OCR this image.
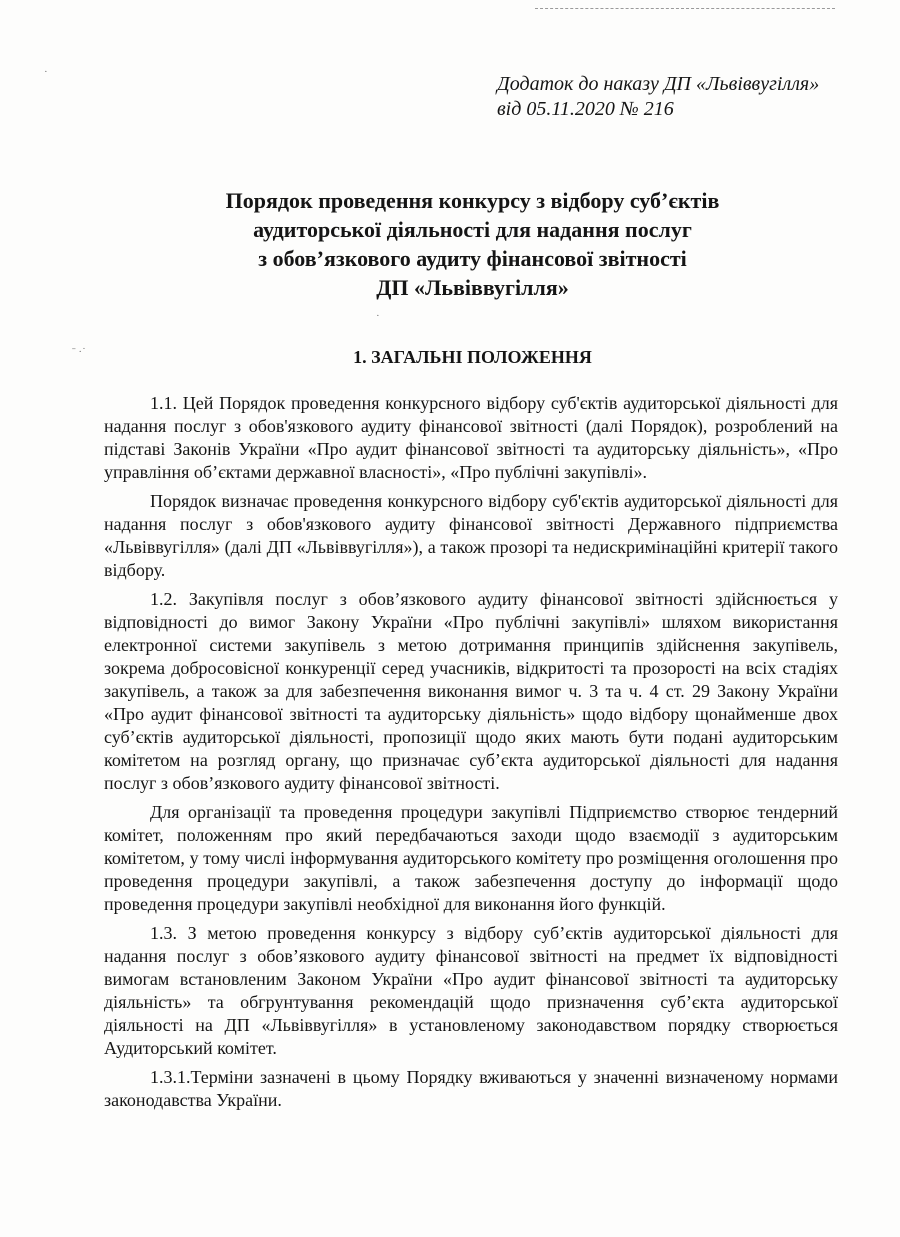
·
ˉ ·˙
·
Додаток до наказу ДП «Львіввугілля»
від 05.11.2020 № 216
Порядок проведення конкурсу з відбору суб’єктів
аудиторської діяльності для надання послуг
з обов’язкового аудиту фінансової звітності
ДП «Львіввугілля»
1. ЗАГАЛЬНІ ПОЛОЖЕННЯ

1.1. Цей Порядок проведення конкурсного відбору суб'єктів аудиторської діяльності для надання послуг з обов'язкового аудиту фінансової звітності (далі Порядок), розроблений на підставі Законів України «Про аудит фінансової звітності та аудиторську діяльність», «Про управління об’єктами державної власності», «Про публічні закупівлі».

Порядок визначає проведення конкурсного відбору суб'єктів аудиторської діяльності для надання послуг з обов'язкового аудиту фінансової звітності Державного підприємства «Львіввугілля» (далі ДП «Львіввугілля»), а також прозорі та недискримінаційні критерії такого відбору.

1.2. Закупівля послуг з обов’язкового аудиту фінансової звітності здійснюється у відповідності до вимог Закону України «Про публічні закупівлі» шляхом використання електронної системи закупівель з метою дотримання принципів здійснення закупівель, зокрема добросовісної конкуренції серед учасників, відкритості та прозорості на всіх стадіях закупівель, а також за для забезпечення виконання вимог ч. 3 та ч. 4 ст. 29 Закону України «Про аудит фінансової звітності та аудиторську діяльність» щодо відбору щонайменше двох суб’єктів аудиторської діяльності, пропозиції щодо яких мають бути подані аудиторським комітетом на розгляд органу, що призначає суб’єкта аудиторської діяльності для надання послуг з обов’язкового аудиту фінансової звітності.

Для організації та проведення процедури закупівлі Підприємство створює тендерний комітет, положенням про який передбачаються заходи щодо взаємодії з аудиторським комітетом, у тому числі інформування аудиторського комітету про розміщення оголошення про проведення процедури закупівлі, а також забезпечення доступу до інформації щодо проведення процедури закупівлі необхідної для виконання його функцій.

1.3. З метою проведення конкурсу з відбору суб’єктів аудиторської діяльності для надання послуг з обов’язкового аудиту фінансової звітності на предмет їх відповідності вимогам встановленим Законом України «Про аудит фінансової звітності та аудиторську діяльність» та обгрунтування рекомендацій щодо призначення суб’єкта аудиторської діяльності на ДП «Львіввугілля» в установленому законодавством порядку створюється Аудиторський комітет.

1.3.1.Терміни зазначені в цьому Порядку вживаються у значенні визначеному нормами законодавства України.
